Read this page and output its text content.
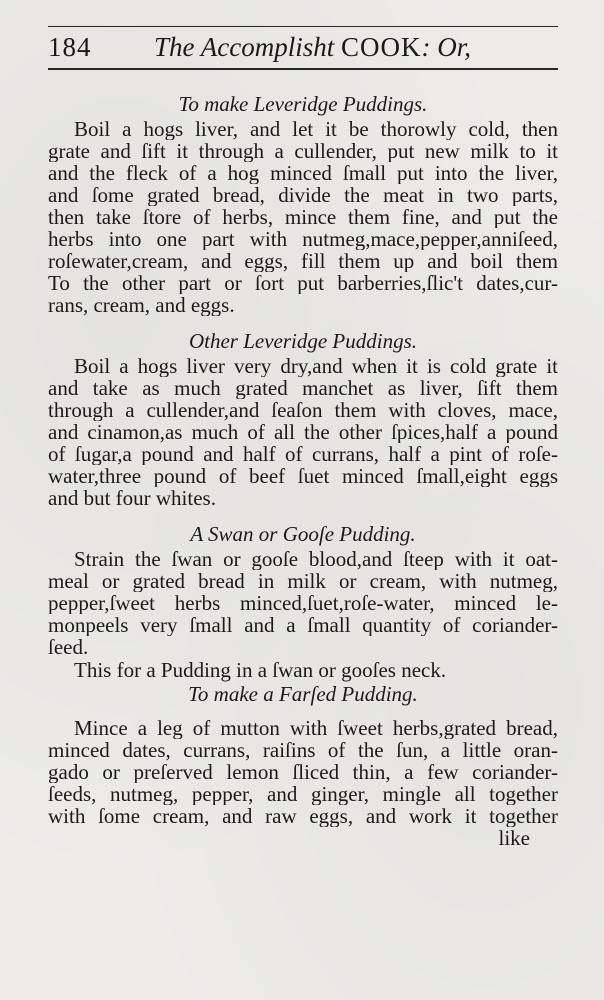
184 The Accomplisht COOK: Or,
To make Leveridge Puddings.
Boil a hogs liver, and let it be thorowly cold, then
grate and ſift it through a cullender, put new milk to it
and the fleck of a hog minced ſmall put into the liver,
and ſome grated bread, divide the meat in two parts,
then take ſtore of herbs, mince them fine, and put the
herbs into one part with nutmeg,mace,pepper,anniſeed,
roſewater,cream, and eggs, fill them up and boil them
To the other part or ſort put barberries,ſlic't dates,cur-
rans, cream, and eggs.
Other Leveridge Puddings.
Boil a hogs liver very dry,and when it is cold grate it
and take as much grated manchet as liver, ſift them
through a cullender,and ſeaſon them with cloves, mace,
and cinamon,as much of all the other ſpices,half a pound
of ſugar,a pound and half of currans, half a pint of roſe-
water,three pound of beef ſuet minced ſmall,eight eggs
and but four whites.
A Swan or Gooſe Pudding.
Strain the ſwan or gooſe blood,and ſteep with it oat-
meal or grated bread in milk or cream, with nutmeg,
pepper,ſweet herbs minced,ſuet,roſe-water, minced le-
monpeels very ſmall and a ſmall quantity of coriander-
ſeed.
This for a Pudding in a ſwan or gooſes neck.
To make a Farſed Pudding.
Mince a leg of mutton with ſweet herbs,grated bread,
minced dates, currans, raiſins of the ſun, a little oran-
gado or preſerved lemon ſliced thin, a few coriander-
ſeeds, nutmeg, pepper, and ginger, mingle all together
with ſome cream, and raw eggs, and work it together
like
